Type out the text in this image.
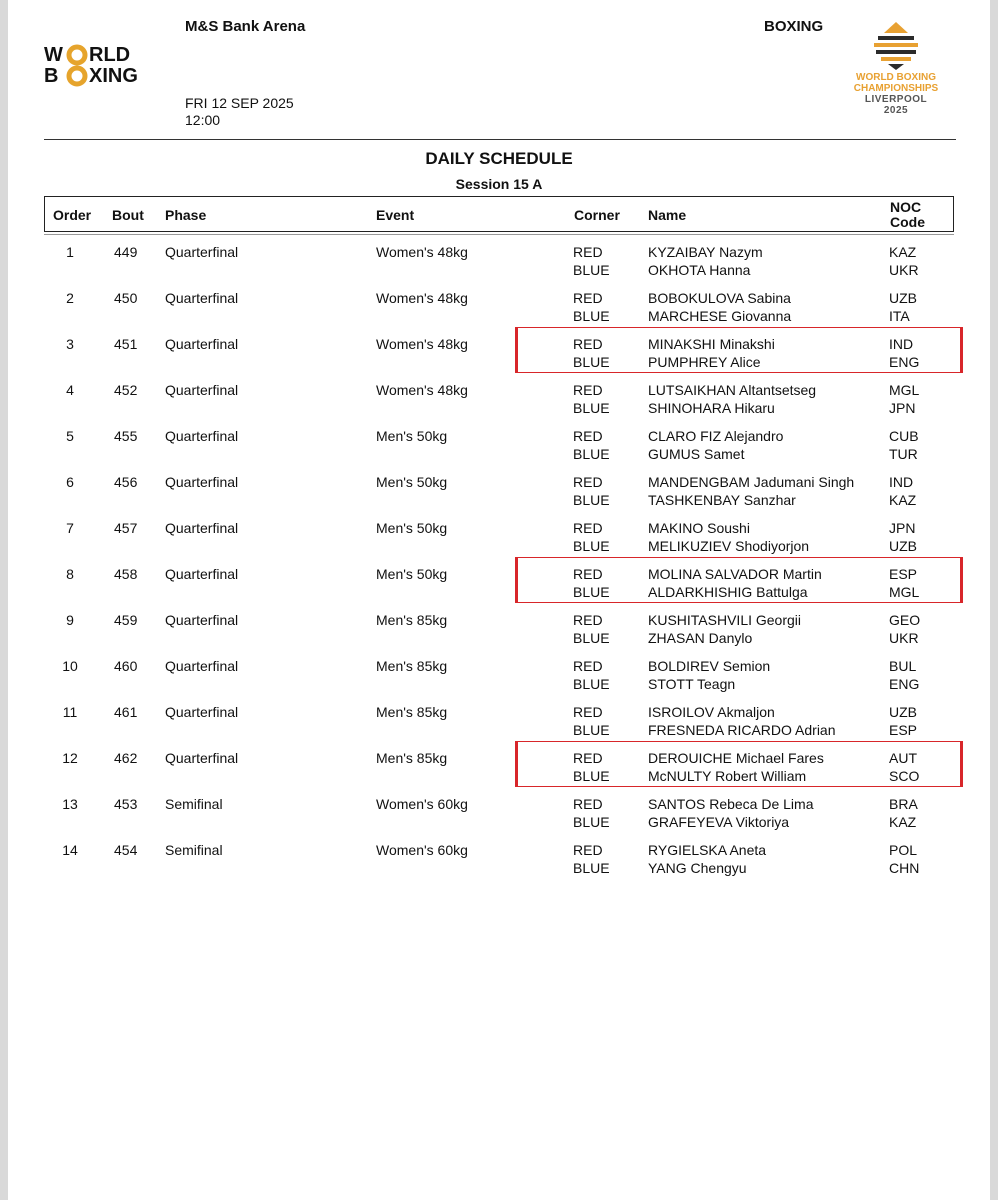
W RLD
B XING
M&S Bank Arena
FRI 12 SEP 2025
12:00
BOXING
WORLD BOXING
CHAMPIONSHIPS
LIVERPOOL
2025
DAILY SCHEDULE
Session 15 A
Order Bout Phase	Event	Corner Name	NOC
Code
1	449 Quarterfinal	Women's 48kg	RED	KYZAIBAY Nazym	KAZ
BLUE	OKHOTA Hanna	UKR
2	450 Quarterfinal	Women's 48kg	RED	BOBOKULOVA Sabina	UZB
BLUE	MARCHESE Giovanna	ITA
3	451 Quarterfinal	Women's 48kg	RED	MINAKSHI Minakshi	IND
BLUE	PUMPHREY Alice	ENG
4	452 Quarterfinal	Women's 48kg	RED	LUTSAIKHAN Altantsetseg	MGL
BLUE	SHINOHARA Hikaru	JPN
5	455 Quarterfinal	Men's 50kg	RED	CLARO FIZ Alejandro	CUB
BLUE	GUMUS Samet	TUR
6	456 Quarterfinal	Men's 50kg	RED	MANDENGBAM Jadumani Singh IND
BLUE	TASHKENBAY Sanzhar	KAZ
7	457 Quarterfinal	Men's 50kg	RED	MAKINO Soushi	JPN
BLUE	MELIKUZIEV Shodiyorjon	UZB
8	458 Quarterfinal	Men's 50kg	RED	MOLINA SALVADOR Martin	ESP
BLUE	ALDARKHISHIG Battulga	MGL
9	459 Quarterfinal	Men's 85kg	RED	KUSHITASHVILI Georgii	GEO
BLUE	ZHASAN Danylo	UKR
10	460 Quarterfinal	Men's 85kg	RED	BOLDIREV Semion	BUL
BLUE	STOTT Teagn	ENG
11	461 Quarterfinal	Men's 85kg	RED	ISROILOV Akmaljon	UZB
BLUE	FRESNEDA RICARDO Adrian	ESP
12	462 Quarterfinal	Men's 85kg	RED	DEROUICHE Michael Fares	AUT
BLUE	McNULTY Robert William	SCO
13	453 Semifinal	Women's 60kg	RED	SANTOS Rebeca De Lima	BRA
BLUE	GRAFEYEVA Viktoriya	KAZ
14	454 Semifinal	Women's 60kg	RED	RYGIELSKA Aneta	POL
BLUE	YANG Chengyu	CHN
